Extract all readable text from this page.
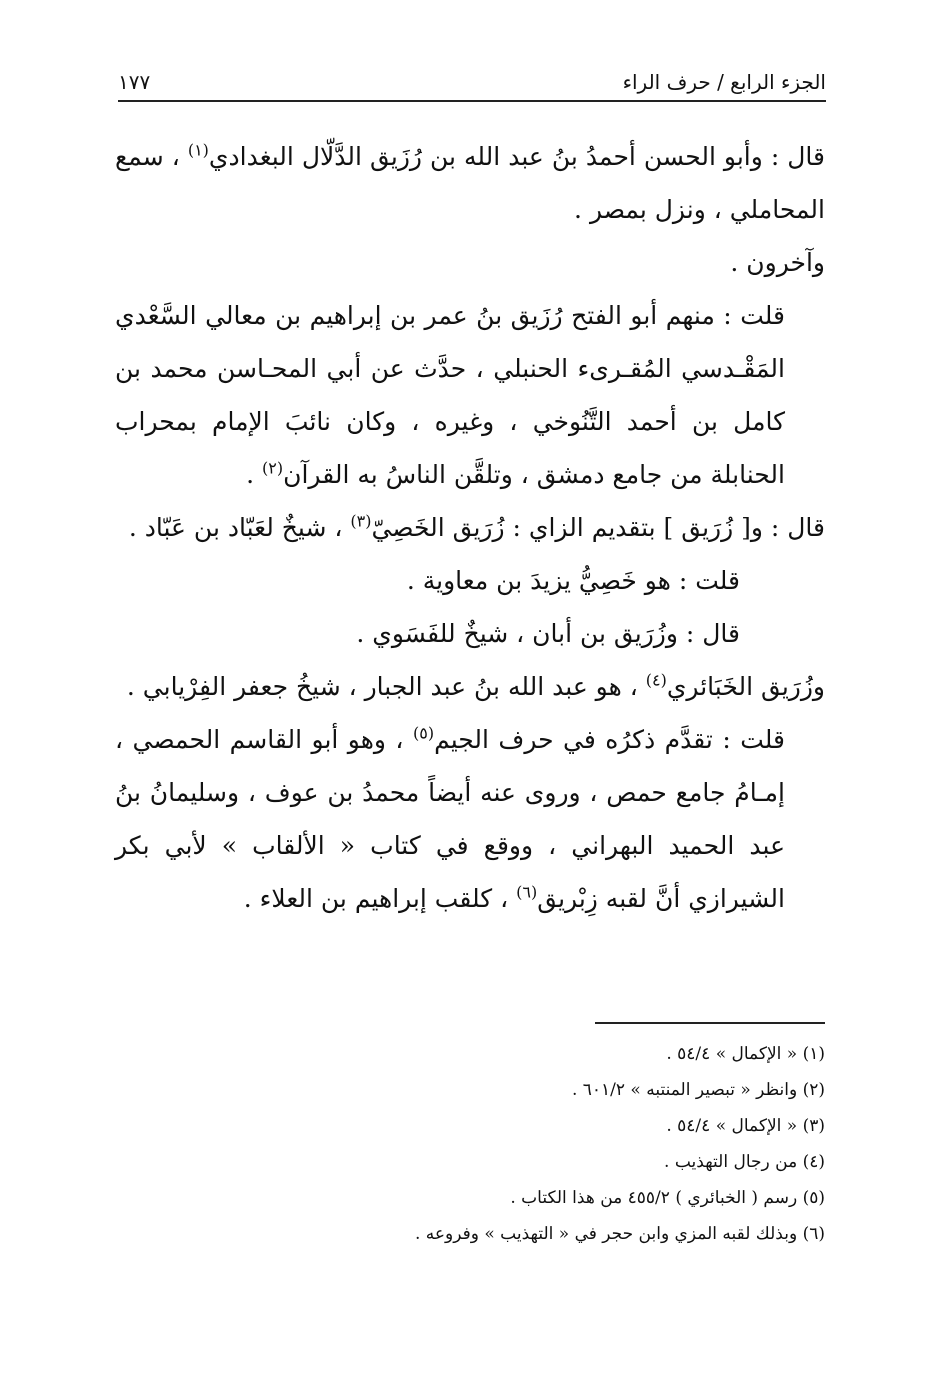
الجزء الرابع / حرف الراء
١٧٧

قال : وأبو الحسن أحمدُ بنُ عبد الله بن رُزَيق الدَّلّال البغدادي$^{(١)}$ ، سمع المحاملي ، ونزل بمصر .

وآخرون .

قلت : منهم أبو الفتح رُزَيق بنُ عمر بن إبراهيم بن معالي السَّعْدي المَقْـدسي المُقـرىء الحنبلي ، حدَّث عن أبي المحـاسن محمد بن كامل بن أحمد التَّنُوخي ، وغيره ، وكان نائبَ الإمام بمحراب الحنابلة من جامع دمشق ، وتلقَّن الناسُ به القرآن$^{(٢)}$ .

قال : و[ زُرَيق ] بتقديم الزاي : زُرَيق الخَصِيّ$^{(٣)}$ ، شيخٌ لعَبّاد بن عَبّاد .

قلت : هو خَصِيُّ يزيدَ بن معاوية .

قال : وزُرَيق بن أبان ، شيخٌ للفَسَوي .

وزُرَيق الخَبَائري$^{(٤)}$ ، هو عبد الله بنُ عبد الجبار ، شيخُ جعفر الفِرْيابي .

قلت : تقدَّم ذكرُه في حرف الجيم$^{(٥)}$ ، وهو أبو القاسم الحمصي ، إمـامُ جامع حمص ، وروى عنه أيضاً محمدُ بن عوف ، وسليمانُ بنُ عبد الحميد البهراني ، ووقع في كتاب « الألقاب » لأبي بكر الشيرازي أنَّ لقبه زِبْريق$^{(٦)}$ ، كلقب إبراهيم بن العلاء .

(١) « الإكمال » ٥٤/٤ .

(٢) وانظر « تبصير المنتبه » ٦٠١/٢ .

(٣) « الإكمال » ٥٤/٤ .

(٤) من رجال التهذيب .

(٥) رسم ( الخبائري ) ٤٥٥/٢ من هذا الكتاب .

(٦) وبذلك لقبه المزي وابن حجر في « التهذيب » وفروعه .
